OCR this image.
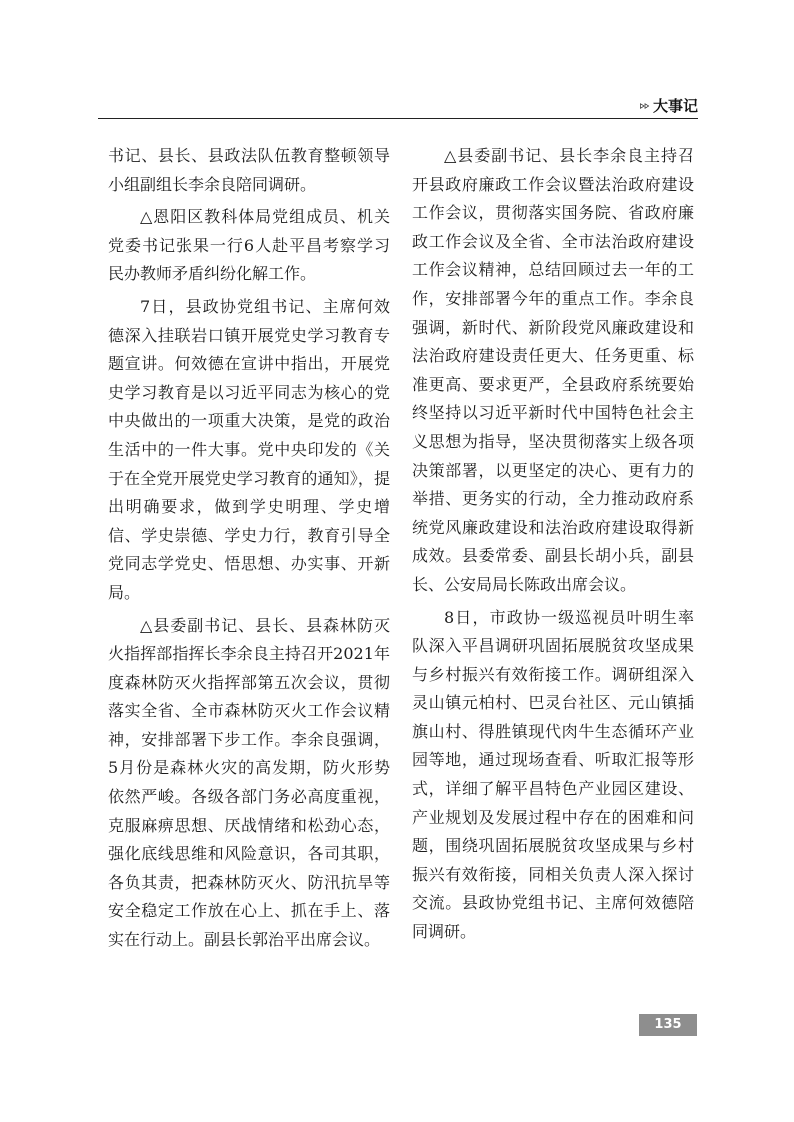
大事记

书记、县长、县政法队伍教育整顿领导小组副组长李余良陪同调研。

△恩阳区教科体局党组成员、机关党委书记张果一行6人赴平昌考察学习民办教师矛盾纠纷化解工作。

7日，县政协党组书记、主席何效德深入挂联岩口镇开展党史学习教育专题宣讲。何效德在宣讲中指出，开展党史学习教育是以习近平同志为核心的党中央做出的一项重大决策，是党的政治生活中的一件大事。党中央印发的《关于在全党开展党史学习教育的通知》，提出明确要求，做到学史明理、学史增信、学史崇德、学史力行，教育引导全党同志学党史、悟思想、办实事、开新局。

△县委副书记、县长、县森林防灭火指挥部指挥长李余良主持召开2021年度森林防灭火指挥部第五次会议，贯彻落实全省、全市森林防灭火工作会议精神，安排部署下步工作。李余良强调，5月份是森林火灾的高发期，防火形势依然严峻。各级各部门务必高度重视，克服麻痹思想、厌战情绪和松劲心态，强化底线思维和风险意识，各司其职，各负其责，把森林防灭火、防汛抗旱等安全稳定工作放在心上、抓在手上、落实在行动上。副县长郭治平出席会议。

△县委副书记、县长李余良主持召开县政府廉政工作会议暨法治政府建设工作会议，贯彻落实国务院、省政府廉政工作会议及全省、全市法治政府建设工作会议精神，总结回顾过去一年的工作，安排部署今年的重点工作。李余良强调，新时代、新阶段党风廉政建设和法治政府建设责任更大、任务更重、标准更高、要求更严，全县政府系统要始终坚持以习近平新时代中国特色社会主义思想为指导，坚决贯彻落实上级各项决策部署，以更坚定的决心、更有力的举措、更务实的行动，全力推动政府系统党风廉政建设和法治政府建设取得新成效。县委常委、副县长胡小兵，副县长、公安局局长陈政出席会议。

8日，市政协一级巡视员叶明生率队深入平昌调研巩固拓展脱贫攻坚成果与乡村振兴有效衔接工作。调研组深入灵山镇元柏村、巴灵台社区、元山镇插旗山村、得胜镇现代肉牛生态循环产业园等地，通过现场查看、听取汇报等形式，详细了解平昌特色产业园区建设、产业规划及发展过程中存在的困难和问题，围绕巩固拓展脱贫攻坚成果与乡村振兴有效衔接，同相关负责人深入探讨交流。县政协党组书记、主席何效德陪同调研。

135
